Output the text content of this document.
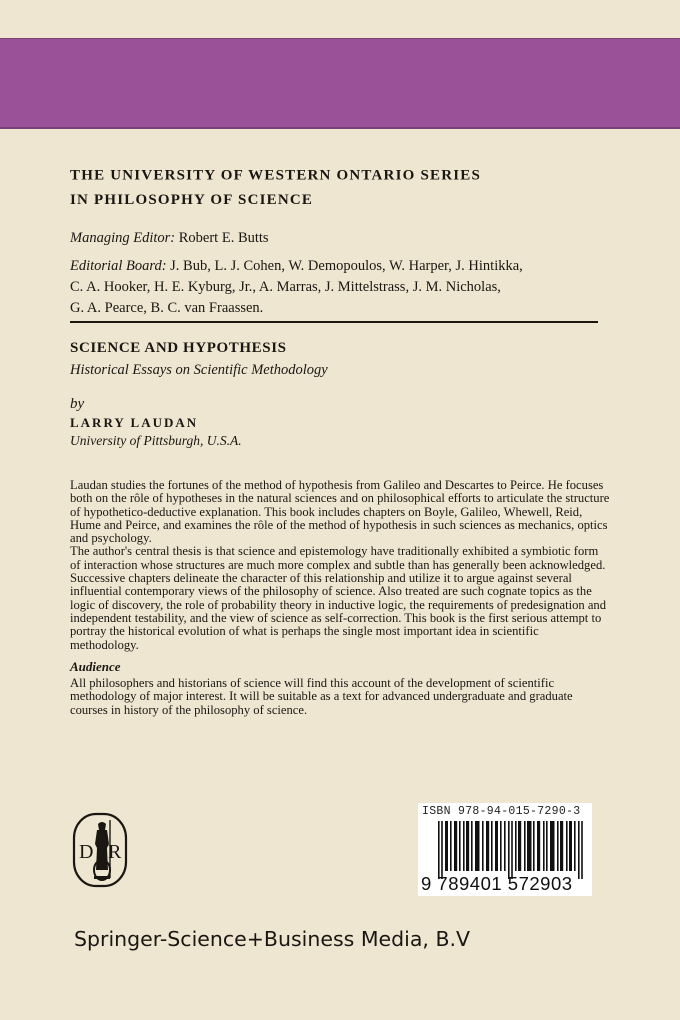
THE UNIVERSITY OF WESTERN ONTARIO SERIES
IN PHILOSOPHY OF SCIENCE
Managing Editor: Robert E. Butts
Editorial Board: J. Bub, L. J. Cohen, W. Demopoulos, W. Harper, J. Hintikka,
C. A. Hooker, H. E. Kyburg, Jr., A. Marras, J. Mittelstrass, J. M. Nicholas,
G. A. Pearce, B. C. van Fraassen.
SCIENCE AND HYPOTHESIS
Historical Essays on Scientific Methodology
by
LARRY LAUDAN
University of Pittsburgh, U.S.A.

Laudan studies the fortunes of the method of hypothesis from Galileo and Descartes to Peirce. He focuses both on the rôle of hypotheses in the natural sciences and on philosophical efforts to articulate the structure of hypothetico-deductive explanation. This book includes chapters on Boyle, Galileo, Whewell, Reid, Hume and Peirce, and examines the rôle of the method of hypothesis in such sciences as mechanics, optics and psychology.

The author's central thesis is that science and epistemology have traditionally exhibited a symbiotic form of interaction whose structures are much more complex and subtle than has generally been acknowledged. Successive chapters delineate the character of this relationship and utilize it to argue against several influential contemporary views of the philosophy of science. Also treated are such cognate topics as the logic of discovery, the role of probability theory in inductive logic, the requirements of predesignation and independent testability, and the view of science as self-correction. This book is the first serious attempt to portray the historical evolution of what is perhaps the single most important idea in scientific methodology.

Audience
All philosophers and historians of science will find this account of the development of scientific methodology of major interest. It will be suitable as a text for advanced undergraduate and graduate courses in history of the philosophy of science.
D R
ISBN 978-94-015-7290-3
9 789401 572903
Springer-Science+Business Media, B.V
